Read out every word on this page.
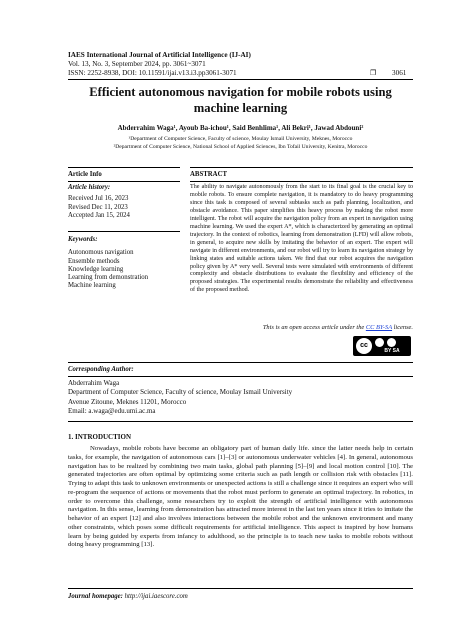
IAES International Journal of Artificial Intelligence (IJ-AI)
Vol. 13, No. 3, September 2024, pp. 3061~3071
ISSN: 2252-8938, DOI: 10.11591/ijai.v13.i3.pp3061-3071	❐ 3061
Efficient autonomous navigation for mobile robots using machine learning
Abderrahim Waga¹, Ayoub Ba-ichou¹, Said Benhlima¹, Ali Bekri¹, Jawad Abdouni²
¹Department of Computer Science, Faculty of science, Moulay Ismail University, Meknes, Morocco
²Department of Computer Science, National School of Applied Sciences, Ibn Tofail University, Kenitra, Morocco
Article Info	ABSTRACT
Article history:
Received Jul 16, 2023
Revised Dec 11, 2023
Accepted Jan 15, 2024
Keywords:
Autonomous navigation
Ensemble methods
Knowledge learning
Learning from demonstration
Machine learning
The ability to navigate autonomously from the start to its final goal is the crucial key to mobile robots. To ensure complete navigation, it is mandatory to do heavy programming since this task is composed of several subtasks such as path planning, localization, and obstacle avoidance. This paper simplifies this heavy process by making the robot more intelligent. The robot will acquire the navigation policy from an expert in navigation using machine learning. We used the expert A*, which is characterized by generating an optimal trajectory. In the context of robotics, learning from demonstration (LFD) will allow robots, in general, to acquire new skills by imitating the behavior of an expert. The expert will navigate in different environments, and our robot will try to learn its navigation strategy by linking states and suitable actions taken. We find that our robot acquires the navigation policy given by A* very well. Several tests were simulated with environments of different complexity and obstacle distributions to evaluate the flexibility and efficiency of the proposed strategies. The experimental results demonstrate the reliability and effectiveness of the proposed method.
This is an open access article under the CC BY-SA license.
cc
BY SA
Corresponding Author:
Abderrahim Waga
Department of Computer Science, Faculty of science, Moulay Ismail University
Avenue Zitoune, Meknes 11201, Morocco
Email: a.waga@edu.umi.ac.ma
1. INTRODUCTION
Nowadays, mobile robots have become an obligatory part of human daily life. since the latter needs help in certain tasks, for example, the navigation of autonomous cars [1]–[3] or autonomous underwater vehicles [4]. In general, autonomous navigation has to be realized by combining two main tasks, global path planning [5]–[9] and local motion control [10]. The generated trajectories are often optimal by optimizing some criteria such as path length or collision risk with obstacles [11]. Trying to adapt this task to unknown environments or unexpected actions is still a challenge since it requires an expert who will re-program the sequence of actions or movements that the robot must perform to generate an optimal trajectory. In robotics, in order to overcome this challenge, some researchers try to exploit the strength of artificial intelligence with autonomous navigation. In this sense, learning from demonstration has attracted more interest in the last ten years since it tries to imitate the behavior of an expert [12] and also involves interactions between the mobile robot and the unknown environment and many other constraints, which poses some difficult requirements for artificial intelligence. This aspect is inspired by how humans learn by being guided by experts from infancy to adulthood, so the principle is to teach new tasks to mobile robots without doing heavy programming [13].
Journal homepage: http://ijai.iaescore.com
